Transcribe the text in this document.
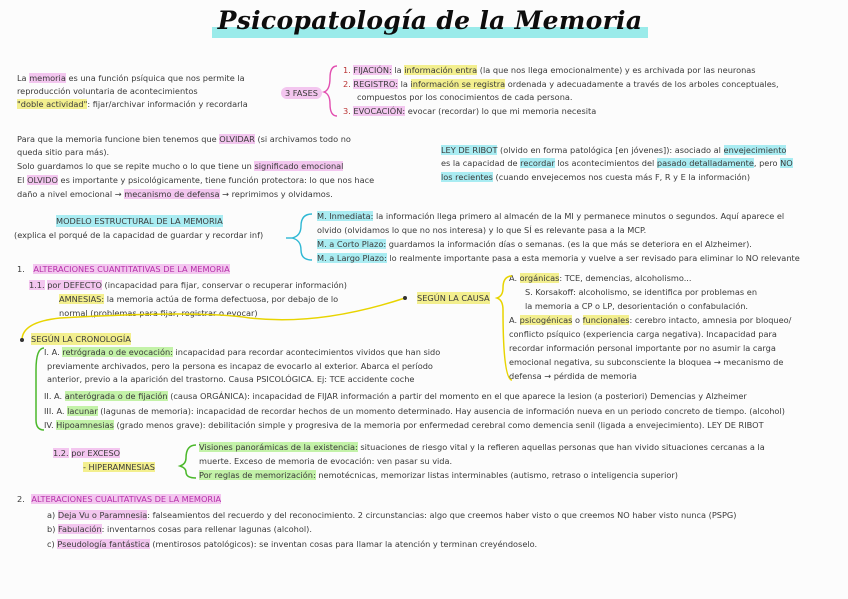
Psicopatología de la Memoria
La memoria es una función psíquica que nos permite la
reproducción voluntaria de acontecimientos
"doble actividad": fijar/archivar información y recordarla
3 FASES
1. FIJACIÓN: la información entra (la que nos llega emocionalmente) y es archivada por las neuronas
2. REGISTRO: la información se registra ordenada y adecuadamente a través de los arboles conceptuales,
compuestos por los conocimientos de cada persona.
3. EVOCACIÓN: evocar (recordar) lo que mi memoria necesita
Para que la memoria funcione bien tenemos que OLVIDAR (si archivamos todo no
queda sitio para más).
Solo guardamos lo que se repite mucho o lo que tiene un significado emocional
El OLVIDO es importante y psicológicamente, tiene función protectora: lo que nos hace
daño a nivel emocional → mecanismo de defensa → reprimimos y olvidamos.
LEY DE RIBOT (olvido en forma patológica [en jóvenes]): asociado al envejecimiento
es la capacidad de recordar los acontecimientos del pasado detalladamente, pero NO
los recientes (cuando envejecemos nos cuesta más F, R y E la información)
MODELO ESTRUCTURAL DE LA MEMORIA
(explica el porqué de la capacidad de guardar y recordar inf)
M. Inmediata: la información llega primero al almacén de la MI y permanece minutos o segundos. Aquí aparece el
olvido (olvidamos lo que no nos interesa) y lo que SÍ es relevante pasa a la MCP.
M. a Corto Plazo: guardamos la información días o semanas. (es la que más se deteriora en el Alzheimer).
M. a Largo Plazo: lo realmente importante pasa a esta memoria y vuelve a ser revisado para eliminar lo NO relevante
1. ALTERACIONES CUANTITATIVAS DE LA MEMORIA
1.1. por DEFECTO (incapacidad para fijar, conservar o recuperar información)
AMNESIAS: la memoria actúa de forma defectuosa, por debajo de lo
normal (problemas para fijar, registrar o evocar)
SEGÚN LA CAUSA
A. orgánicas: TCE, demencias, alcoholismo...
S. Korsakoff: alcoholismo, se identifica por problemas en
la memoria a CP o LP, desorientación o confabulación.
A. psicogénicas o funcionales: cerebro intacto, amnesia por bloqueo/
conflicto psíquico (experiencia carga negativa). Incapacidad para
recordar información personal importante por no asumir la carga
emocional negativa, su subconsciente la bloquea → mecanismo de
defensa → pérdida de memoria
SEGÚN LA CRONOLOGÍA
I. A. retrógrada o de evocación: incapacidad para recordar acontecimientos vividos que han sido
previamente archivados, pero la persona es incapaz de evocarlo al exterior. Abarca el período
anterior, previo a la aparición del trastorno. Causa PSICOLÓGICA. Ej: TCE accidente coche
II. A. anterógrada o de fijación (causa ORGÁNICA): incapacidad de FIJAR información a partir del momento en el que aparece la lesion (a posteriori) Demencias y Alzheimer
III. A. lacunar (lagunas de memoria): incapacidad de recordar hechos de un momento determinado. Hay ausencia de información nueva en un periodo concreto de tiempo. (alcohol)
IV. Hipoamnesias (grado menos grave): debilitación simple y progresiva de la memoria por enfermedad cerebral como demencia senil (ligada a envejecimiento). LEY DE RIBOT
1.2. por EXCESO
- HIPERAMNESIAS
Visiones panorámicas de la existencia: situaciones de riesgo vital y la refieren aquellas personas que han vivido situaciones cercanas a la
muerte. Exceso de memoria de evocación: ven pasar su vida.
Por reglas de memorización: nemotécnicas, memorizar listas interminables (autismo, retraso o inteligencia superior)
2. ALTERACIONES CUALITATIVAS DE LA MEMORIA
a) Deja Vu o Paramnesia: falseamientos del recuerdo y del reconocimiento. 2 circunstancias: algo que creemos haber visto o que creemos NO haber visto nunca (PSPG)
b) Fabulación: inventarnos cosas para rellenar lagunas (alcohol).
c) Pseudología fantástica (mentirosos patológicos): se inventan cosas para llamar la atención y terminan creyéndoselo.
